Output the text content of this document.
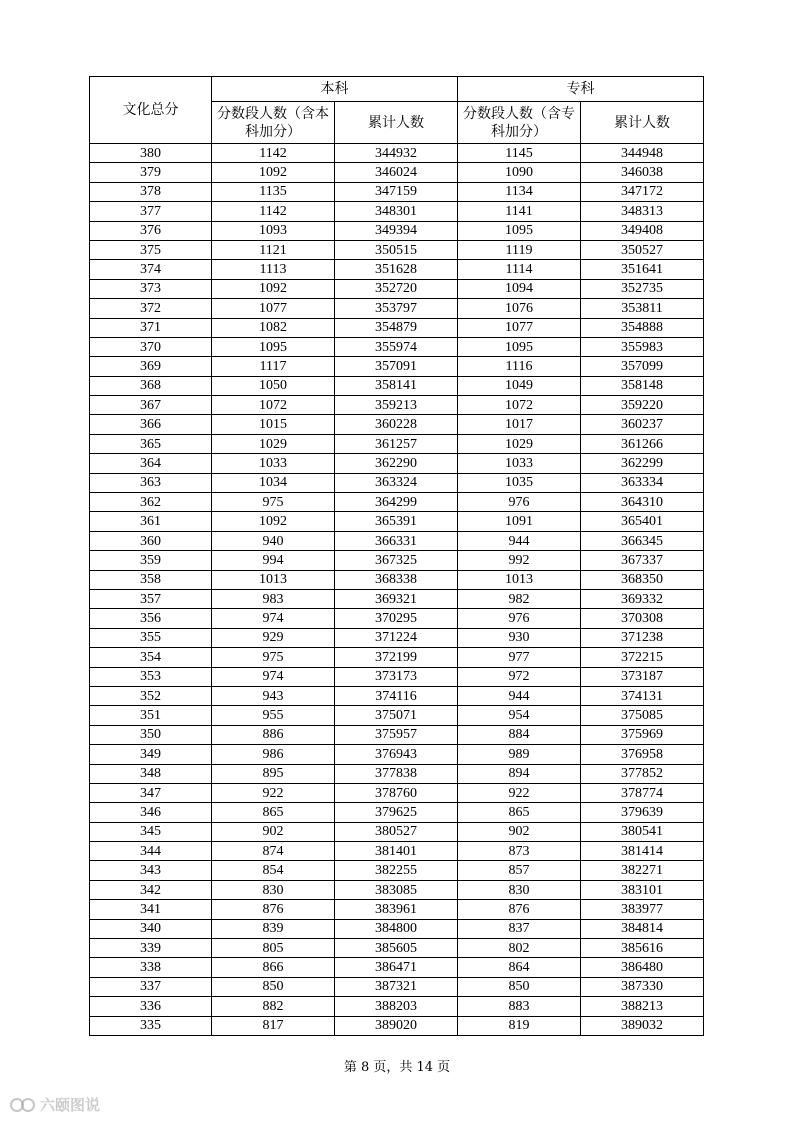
文化总分	本科		专科	
	分数段人数（含本科加分）	累计人数	分数段人数（含专科加分）	累计人数
380	1142	344932	1145	344948
379	1092	346024	1090	346038
378	1135	347159	1134	347172
377	1142	348301	1141	348313
376	1093	349394	1095	349408
375	1121	350515	1119	350527
374	1113	351628	1114	351641
373	1092	352720	1094	352735
372	1077	353797	1076	353811
371	1082	354879	1077	354888
370	1095	355974	1095	355983
369	1117	357091	1116	357099
368	1050	358141	1049	358148
367	1072	359213	1072	359220
366	1015	360228	1017	360237
365	1029	361257	1029	361266
364	1033	362290	1033	362299
363	1034	363324	1035	363334
362	975	364299	976	364310
361	1092	365391	1091	365401
360	940	366331	944	366345
359	994	367325	992	367337
358	1013	368338	1013	368350
357	983	369321	982	369332
356	974	370295	976	370308
355	929	371224	930	371238
354	975	372199	977	372215
353	974	373173	972	373187
352	943	374116	944	374131
351	955	375071	954	375085
350	886	375957	884	375969
349	986	376943	989	376958
348	895	377838	894	377852
347	922	378760	922	378774
346	865	379625	865	379639
345	902	380527	902	380541
344	874	381401	873	381414
343	854	382255	857	382271
342	830	383085	830	383101
341	876	383961	876	383977
340	839	384800	837	384814
339	805	385605	802	385616
338	866	386471	864	386480
337	850	387321	850	387330
336	882	388203	883	388213
335	817	389020	819	389032
第 8 页，共 14 页
六颐图说
